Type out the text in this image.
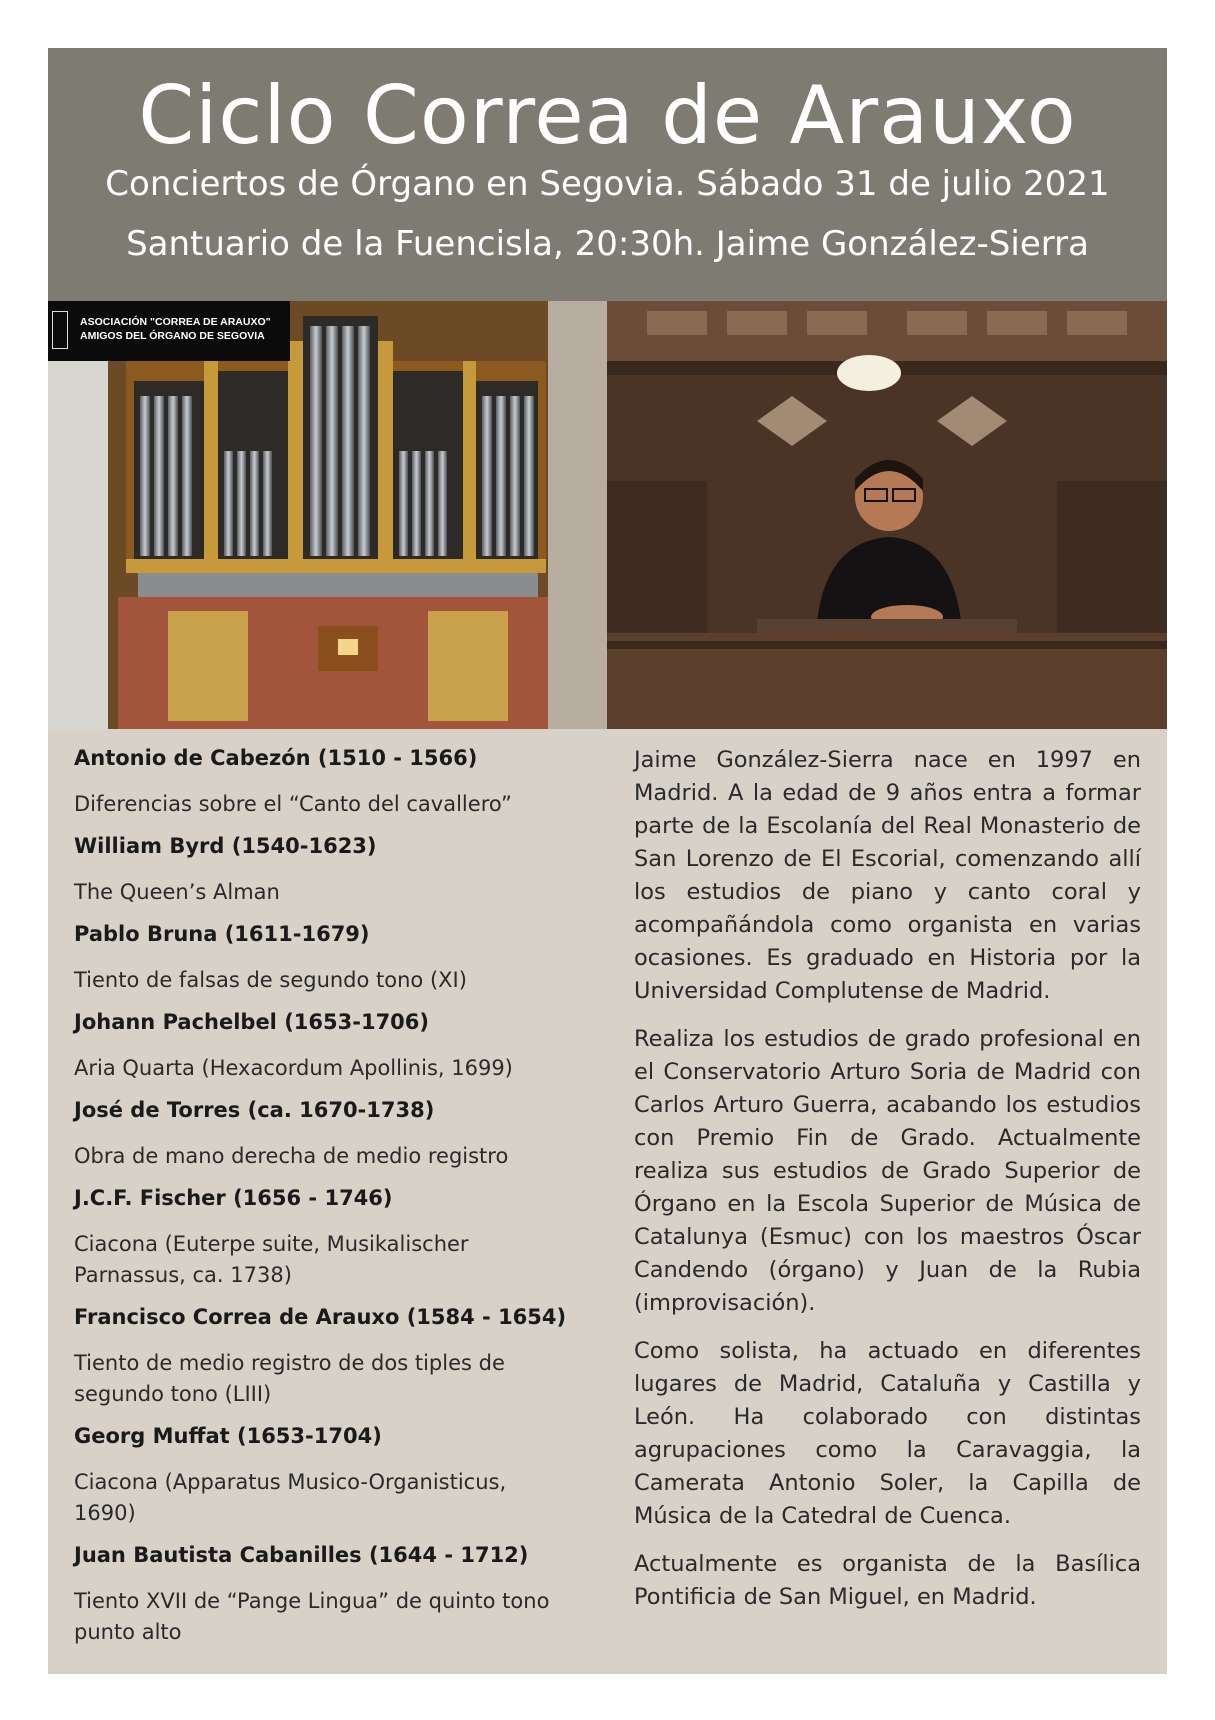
Ciclo Correa de Arauxo
Conciertos de Órgano en Segovia. Sábado 31 de julio 2021
Santuario de la Fuencisla, 20:30h. Jaime González-Sierra
ASOCIACIÓN "CORREA DE ARAUXO"
AMIGOS DEL ÓRGANO DE SEGOVIA

Antonio de Cabezón (1510 - 1566)

Diferencias sobre el “Canto del cavallero”

William Byrd (1540-1623)

The Queen’s Alman

Pablo Bruna (1611-1679)

Tiento de falsas de segundo tono (XI)

Johann Pachelbel (1653-1706)

Aria Quarta (Hexacordum Apollinis, 1699)

José de Torres (ca. 1670-1738)

Obra de mano derecha de medio registro

J.C.F. Fischer (1656 - 1746)

Ciacona (Euterpe suite, Musikalischer Parnassus, ca. 1738)

Francisco Correa de Arauxo (1584 - 1654)

Tiento de medio registro de dos tiples de segundo tono (LIII)

Georg Muffat (1653-1704)

Ciacona (Apparatus Musico-Organisticus, 1690)

Juan Bautista Cabanilles (1644 - 1712)

Tiento XVII de “Pange Lingua” de quinto tono punto alto

Jaime González-Sierra nace en 1997 en Madrid. A la edad de 9 años entra a formar parte de la Escolanía del Real Monasterio de San Lorenzo de El Escorial, comenzando allí los estudios de piano y canto coral y acompañándola como organista en varias ocasiones. Es graduado en Historia por la Universidad Complutense de Madrid.

Realiza los estudios de grado profesional en el Conservatorio Arturo Soria de Madrid con Carlos Arturo Guerra, acabando los estudios con Premio Fin de Grado. Actualmente realiza sus estudios de Grado Superior de Órgano en la Escola Superior de Música de Catalunya (Esmuc) con los maestros Óscar Candendo (órgano) y Juan de la Rubia (improvisación).

Como solista, ha actuado en diferentes lugares de Madrid, Cataluña y Castilla y León. Ha colaborado con distintas agrupaciones como la Caravaggia, la Camerata Antonio Soler, la Capilla de Música de la Catedral de Cuenca.

Actualmente es organista de la Basílica Pontificia de San Miguel, en Madrid.
